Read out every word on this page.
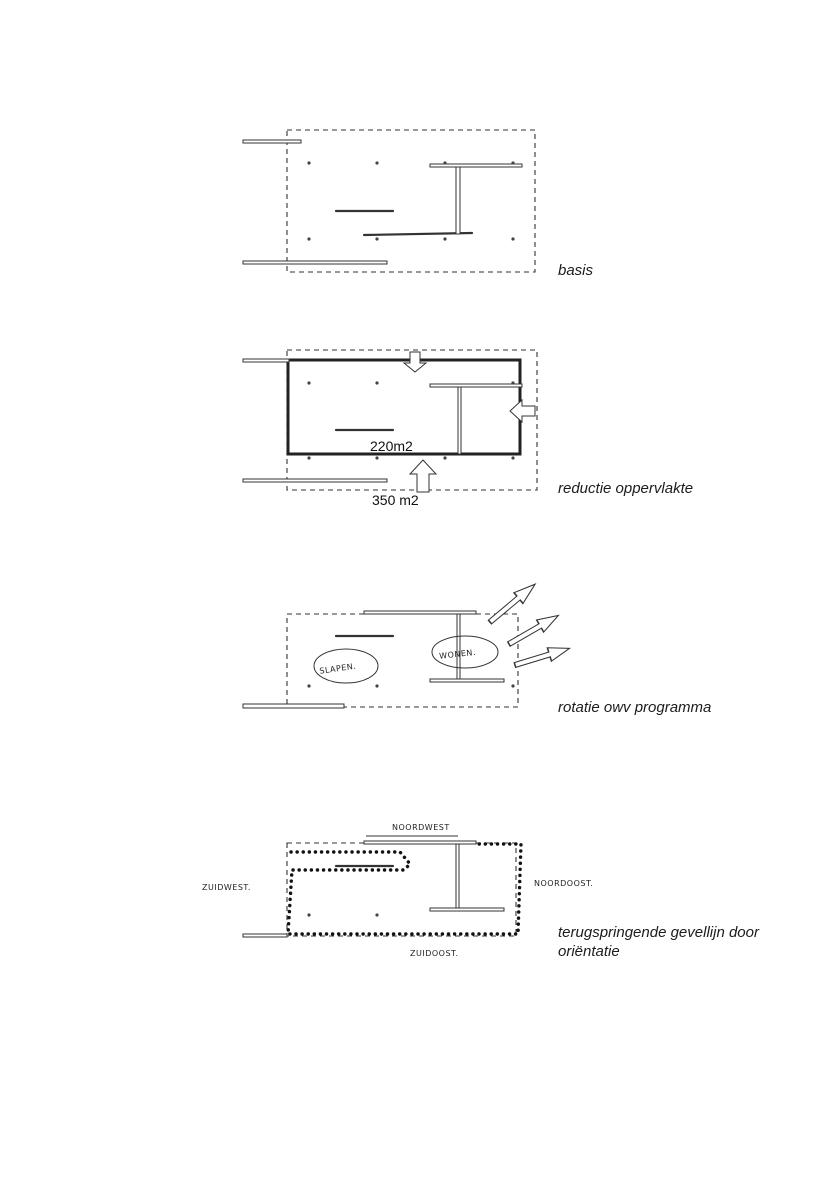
basis
220m2
350 m2
reductie oppervlakte
SLAPEN.
WONEN.
rotatie owv programma
NOORDWEST
NOORDOOST.
ZUIDWEST.
ZUIDOOST.
terugspringende gevellijn door oriëntatie
